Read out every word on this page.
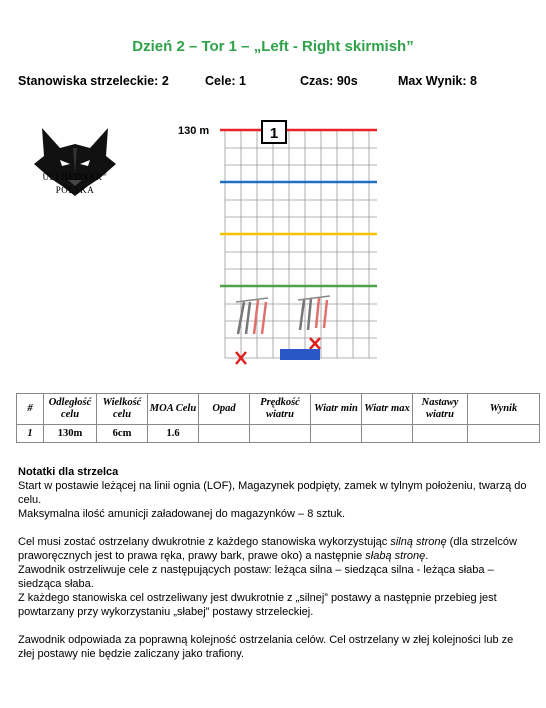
Dzień 2 – Tor 1 – „Left - Right skirmish”
Stanowiska strzeleckie: 2	Cele: 1	Czas: 90s	Max Wynik: 8
ULFHEDNAR®
POLSKA
130 m	1
#	Odległość celu	Wielkość celu	MOA Celu	Opad	Prędkość wiatru	Wiatr min	Wiatr max	Nastawy wiatru	Wynik
1	130m	6cm	1.6						

Notatki dla strzelca

Start w postawie leżącej na linii ognia (LOF), Magazynek podpięty, zamek w tylnym położeniu, twarzą do celu.

Maksymalna ilość amunicji załadowanej do magazynków – 8 sztuk.

Cel musi zostać ostrzelany dwukrotnie z każdego stanowiska wykorzystując silną stronę (dla strzelców praworęcznych jest to prawa ręka, prawy bark, prawe oko) a następnie słabą stronę.

Zawodnik ostrzeliwuje cele z następujących postaw: leżąca silna – siedząca silna - leżąca słaba – siedząca słaba.

Z każdego stanowiska cel ostrzeliwany jest dwukrotnie z „silnej” postawy a następnie przebieg jest powtarzany przy wykorzystaniu „słabej” postawy strzeleckiej.

Zawodnik odpowiada za poprawną kolejność ostrzelania celów. Cel ostrzelany w złej kolejności lub ze złej postawy nie będzie zaliczany jako trafiony.
